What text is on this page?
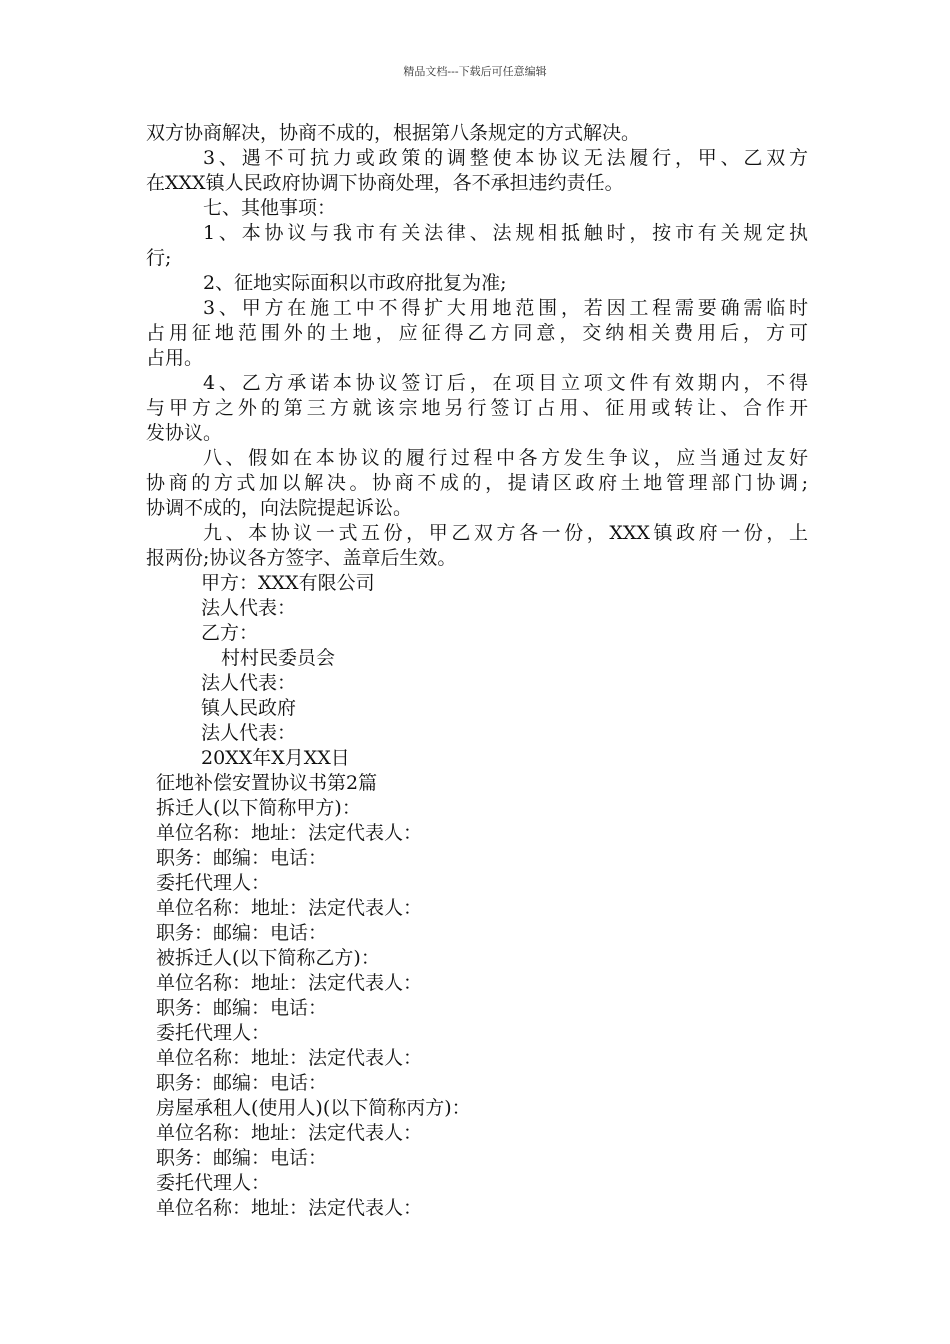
精品文档---下载后可任意编辑
双方协商解决，协商不成的，根据第八条规定的方式解决。
3、遇不可抗力或政策的调整使本协议无法履行，甲、乙双方
在XXX镇人民政府协调下协商处理，各不承担违约责任。
七、其他事项：
1、本协议与我市有关法律、法规相抵触时，按市有关规定执
行;
2、征地实际面积以市政府批复为准;
3、甲方在施工中不得扩大用地范围，若因工程需要确需临时
占用征地范围外的土地，应征得乙方同意，交纳相关费用后，方可
占用。
4、乙方承诺本协议签订后，在项目立项文件有效期内，不得
与甲方之外的第三方就该宗地另行签订占用、征用或转让、合作开
发协议。
八、假如在本协议的履行过程中各方发生争议，应当通过友好
协商的方式加以解决。协商不成的，提请区政府土地管理部门协调;
协调不成的，向法院提起诉讼。
九、本协议一式五份，甲乙双方各一份，XXX镇政府一份，上
报两份;协议各方签字、盖章后生效。
甲方：XXX有限公司
法人代表：
乙方：
村村民委员会
法人代表：
镇人民政府
法人代表：
20XX年X月XX日
征地补偿安置协议书第2篇
拆迁人(以下简称甲方)：
单位名称：地址：法定代表人：
职务：邮编：电话：
委托代理人：
单位名称：地址：法定代表人：
职务：邮编：电话：
被拆迁人(以下简称乙方)：
单位名称：地址：法定代表人：
职务：邮编：电话：
委托代理人：
单位名称：地址：法定代表人：
职务：邮编：电话：
房屋承租人(使用人)(以下简称丙方)：
单位名称：地址：法定代表人：
职务：邮编：电话：
委托代理人：
单位名称：地址：法定代表人：
